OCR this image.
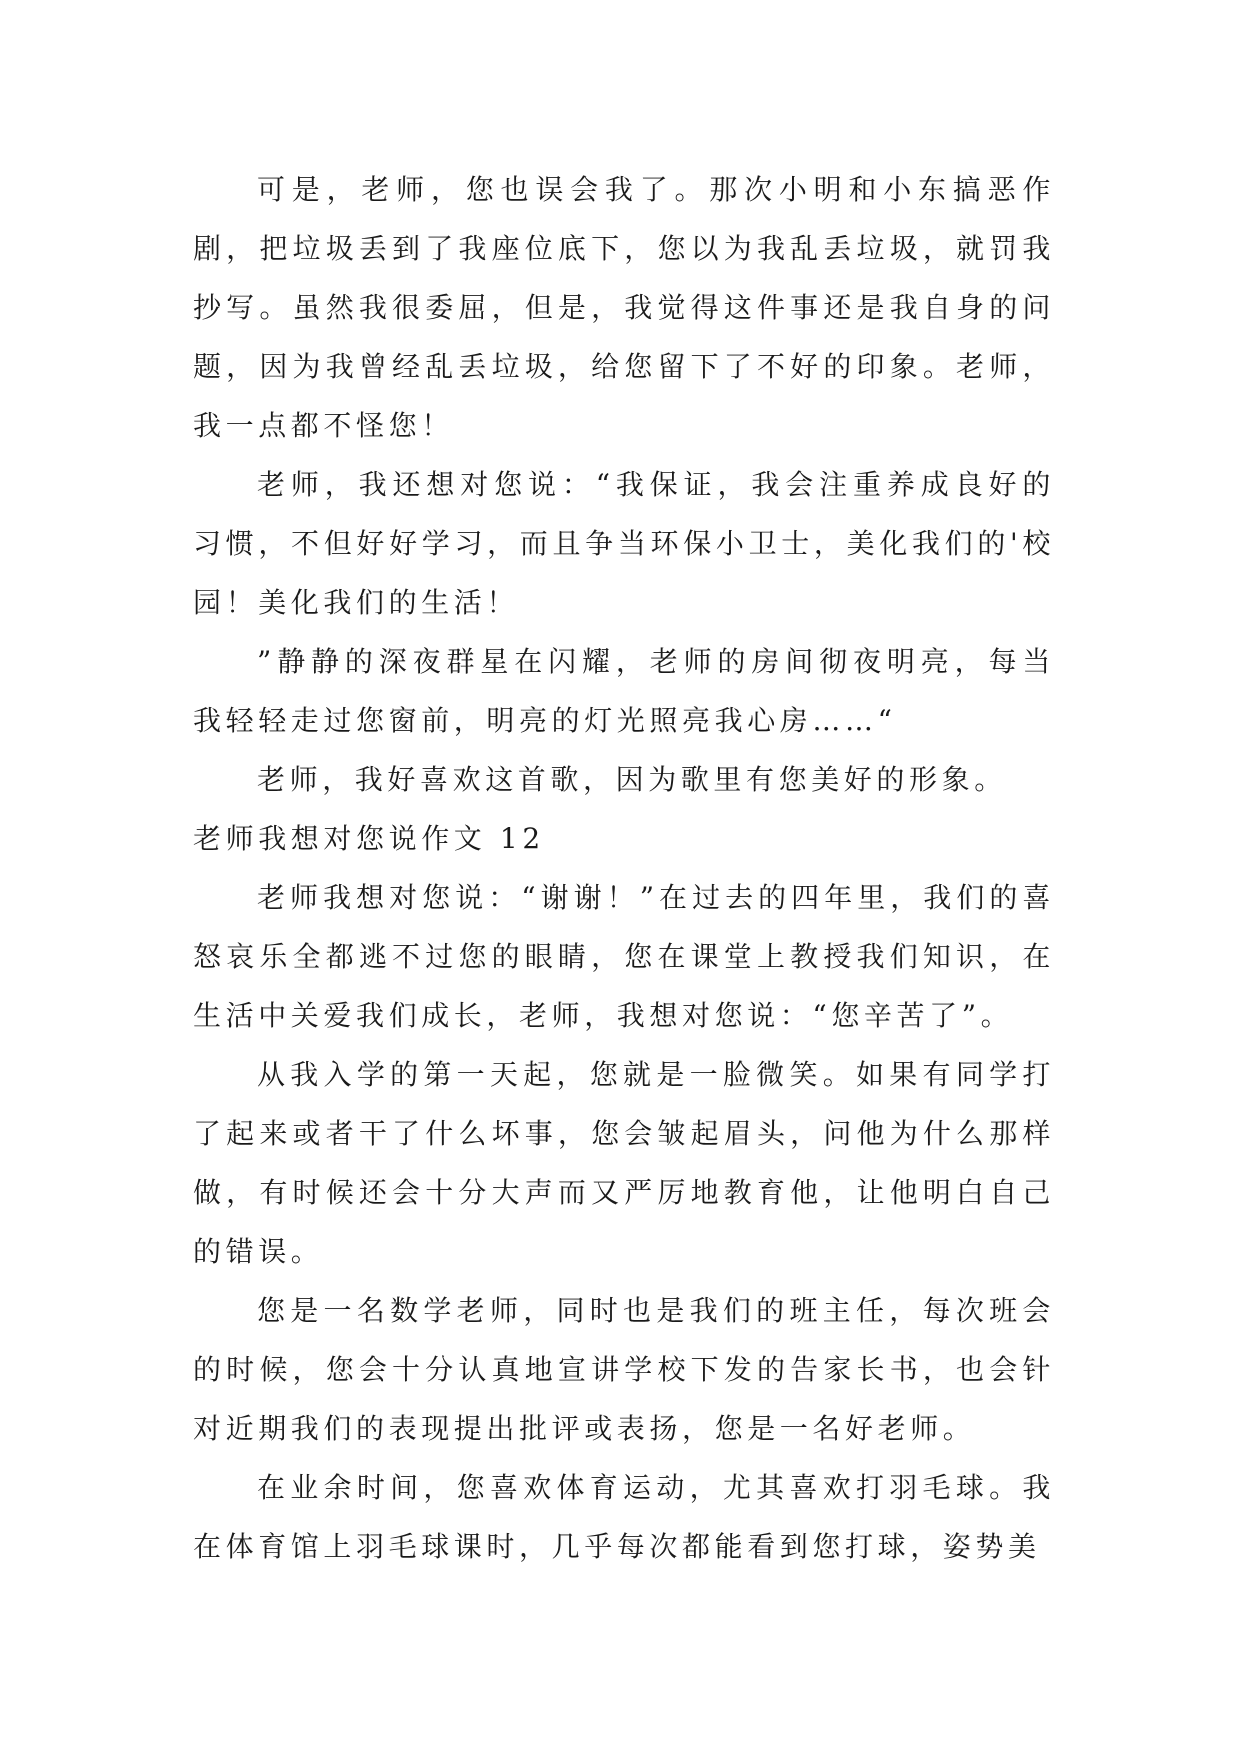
可是，老师，您也误会我了。那次小明和小东搞恶作剧，把垃圾丢到了我座位底下，您以为我乱丢垃圾，就罚我抄写。虽然我很委屈，但是，我觉得这件事还是我自身的问题，因为我曾经乱丢垃圾，给您留下了不好的印象。老师，我一点都不怪您！

老师，我还想对您说：“我保证，我会注重养成良好的习惯，不但好好学习，而且争当环保小卫士，美化我们的'校园！美化我们的生活！

”静静的深夜群星在闪耀，老师的房间彻夜明亮，每当我轻轻走过您窗前，明亮的灯光照亮我心房……“

老师，我好喜欢这首歌，因为歌里有您美好的形象。

老师我想对您说作文 12

老师我想对您说：“谢谢！”在过去的四年里，我们的喜怒哀乐全都逃不过您的眼睛，您在课堂上教授我们知识，在生活中关爱我们成长，老师，我想对您说：“您辛苦了”。

从我入学的第一天起，您就是一脸微笑。如果有同学打了起来或者干了什么坏事，您会皱起眉头，问他为什么那样做，有时候还会十分大声而又严厉地教育他，让他明白自己的错误。

您是一名数学老师，同时也是我们的班主任，每次班会的时候，您会十分认真地宣讲学校下发的告家长书，也会针对近期我们的表现提出批评或表扬，您是一名好老师。

在业余时间，您喜欢体育运动，尤其喜欢打羽毛球。我在体育馆上羽毛球课时，几乎每次都能看到您打球，姿势美
